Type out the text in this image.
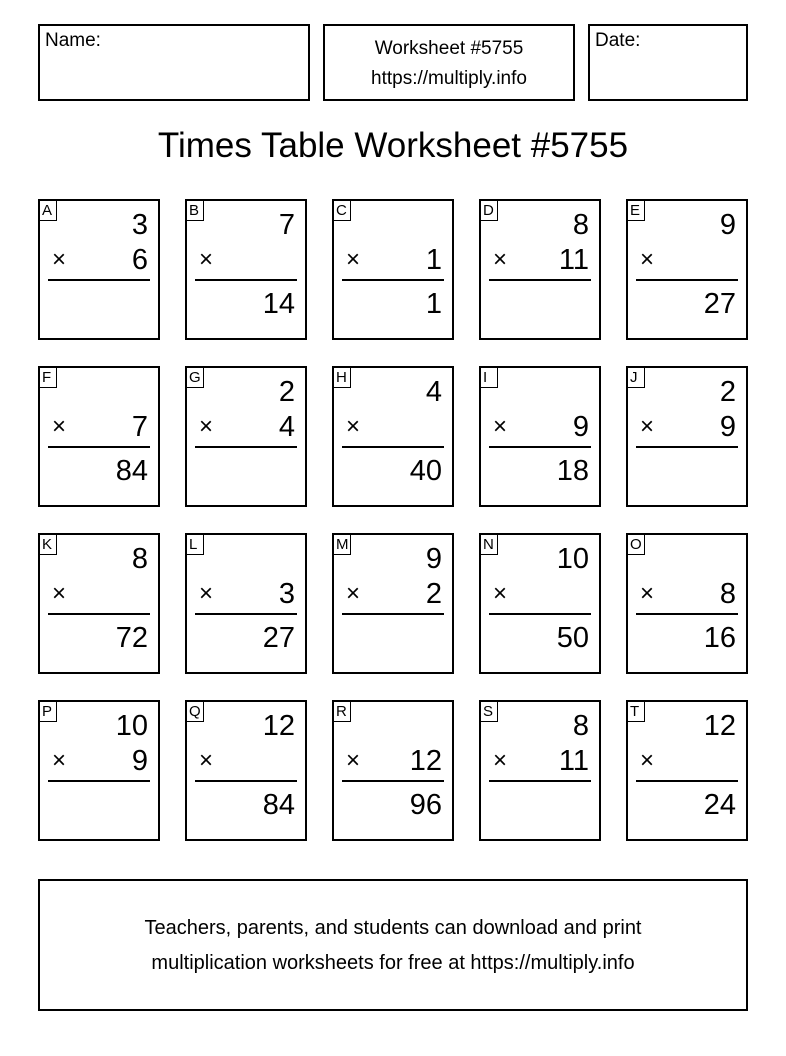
Name:	Worksheet #5755
https://multiply.info
Date:
Times Table Worksheet #5755
A	3
× 6
B	7
×
14
C
× 1
1
D	8
× 11
E	9
×
27
F
× 7
84
G	2
× 4
H	4
×
40
I
× 9
18
J	2
× 9
K	8
×
72
L
× 3
27
M	9
× 2
N 10
×
50
O
× 8
16
P 10
× 9
Q 12
×
84
R
× 12
96
S	8
× 11
T 12
×
24
Teachers, parents, and students can download and print
multiplication worksheets for free at https://multiply.info
